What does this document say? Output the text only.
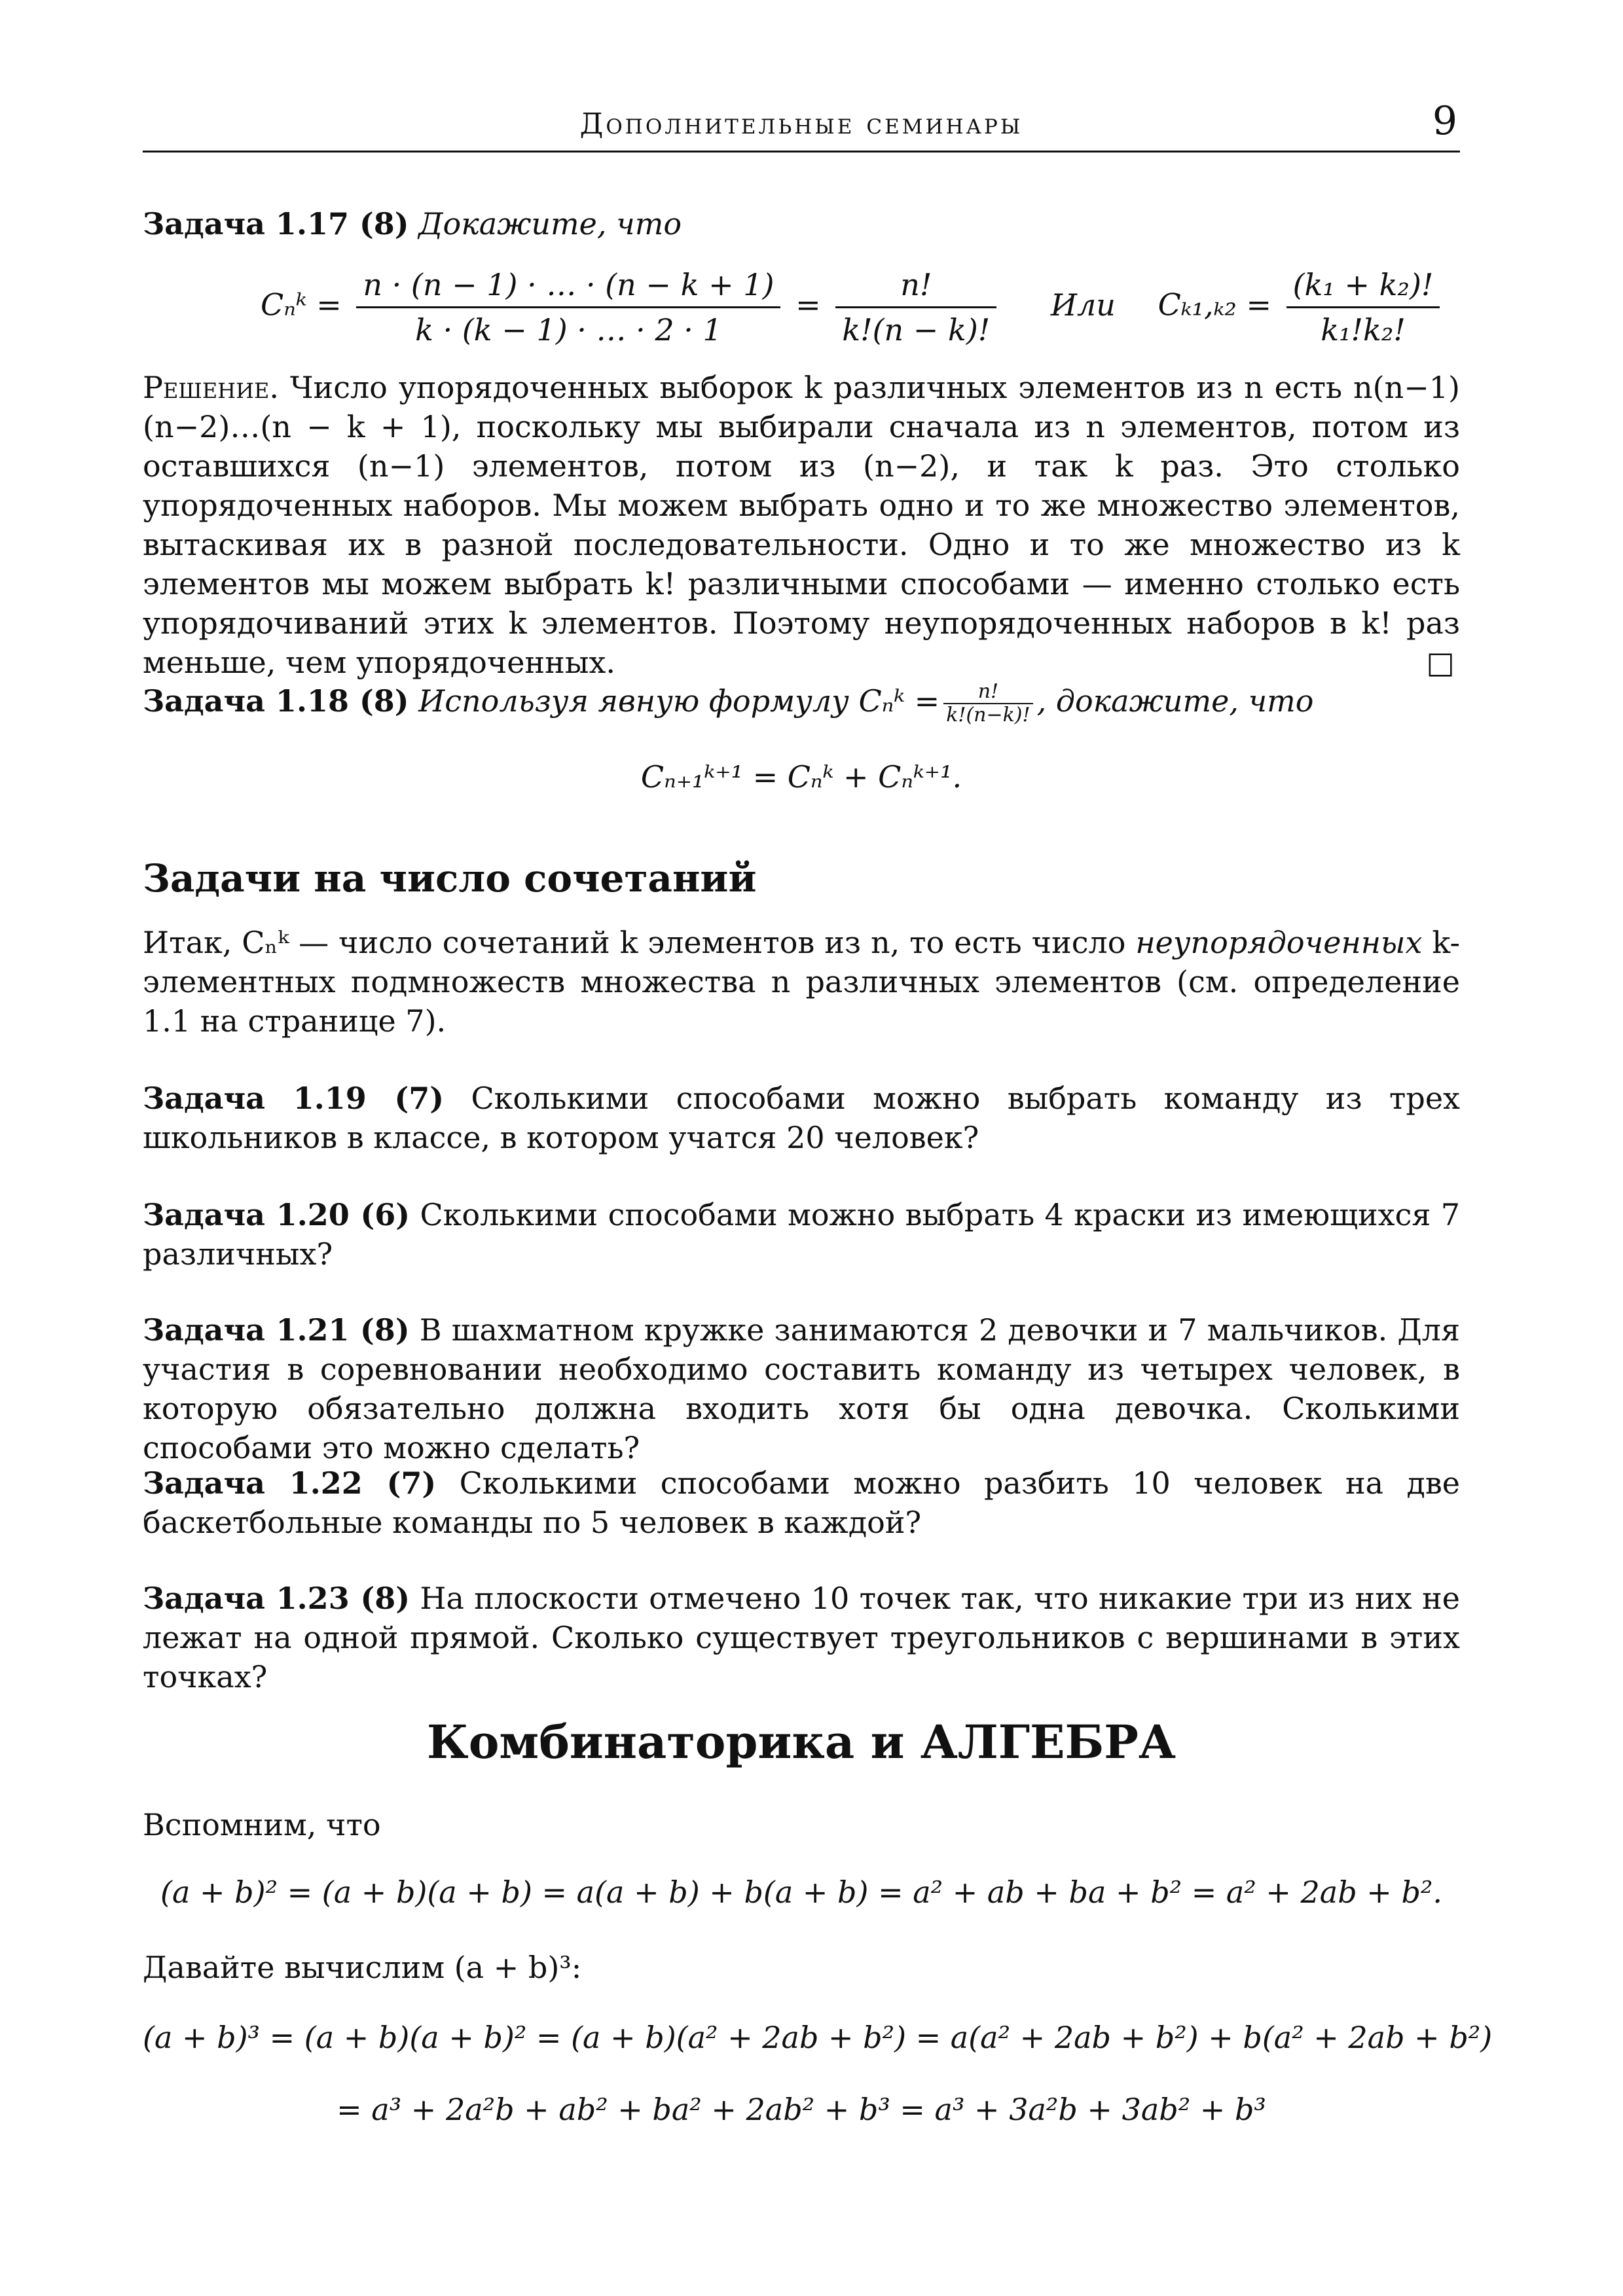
Дополнительные семинары	9
Задача 1.17 (8) Докажите, что
Cₙᵏ = $\frac{n \cdot (n - 1) \cdot \dots \cdot (n - k + 1)}{k \cdot (k - 1) \cdot \dots \cdot 2 \cdot 1} = \frac{n!}{k!(n - k)!}$ Или $C_{k1},_{k2} = \frac{\text{(k₁ + k₂)!}}{\text{k₁!k₂!}}$
Решение. Число упорядоченных выборок k различных элементов из n есть n(n−1)(n−2)…(n − k + 1), поскольку мы выбирали сначала из n элементов, потом из оставшихся (n−1) элементов, потом из (n−2), и так k раз. Это столько упорядоченных наборов. Мы можем выбрать одно и то же множество элементов, вытаскивая их в разной последовательности. Одно и то же множество из k элементов мы можем выбрать k! различными способами — именно столько есть упорядочиваний этих k элементов. Поэтому неупорядоченных наборов в k! раз меньше, чем упорядоченных.	□
Задача 1.18 (8) Используя явную формулу Cₙᵏ = $\frac{n!}{k!(n-k)!}$ , докажите, что
Cₙ₊₁ᵏ⁺¹ = Cₙᵏ + Cₙᵏ⁺¹.
Задачи на число сочетаний
Итак, Cₙᵏ — число сочетаний k элементов из n, то есть число неупорядоченных k-элементных подмножеств множества n различных элементов (см. определение 1.1 на странице 7).
Задача 1.19 (7) Сколькими способами можно выбрать команду из трех школьников в классе, в котором учатся 20 человек?
Задача 1.20 (6) Сколькими способами можно выбрать 4 краски из имеющихся 7 различных?
Задача 1.21 (8) В шахматном кружке занимаются 2 девочки и 7 мальчиков. Для участия в соревновании необходимо составить команду из четырех человек, в которую обязательно должна входить хотя бы одна девочка. Сколькими способами это можно сделать?
Задача 1.22 (7) Сколькими способами можно разбить 10 человек на две баскетбольные команды по 5 человек в каждой?
Задача 1.23 (8) На плоскости отмечено 10 точек так, что никакие три из них не лежат на одной прямой. Сколько существует треугольников с вершинами в этих точках?
Комбинаторика и АЛГЕБРА
Вспомним, что
(a + b)² = (a + b)(a + b) = a(a + b) + b(a + b) = a² + ab + ba + b² = a² + 2ab + b².
Давайте вычислим (a + b)³:
(a + b)³ = (a + b)(a + b)² = (a + b)(a² + 2ab + b²) = a(a² + 2ab + b²) + b(a² + 2ab + b²)
= a³ + 2a²b + ab² + ba² + 2ab² + b³ = a³ + 3a²b + 3ab² + b³
